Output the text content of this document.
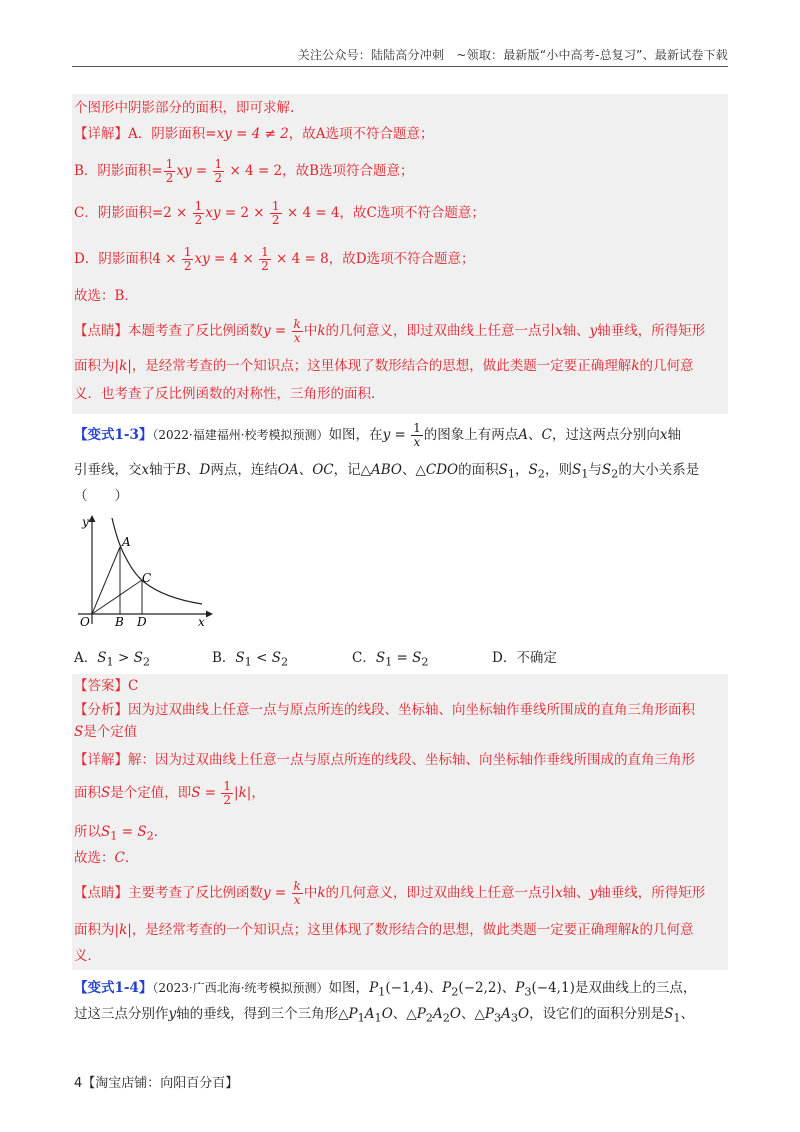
关注公众号：陆陆高分冲刺　~领取：最新版“小中高考-总复习”、最新试卷下载
个图形中阴影部分的面积，即可求解.
【详解】A．阴影面积=xy = 4 ≠ 2，故A选项不符合题意；
B．阴影面积= $\frac{1}{2}$ xy = $\frac{1}{2} \times 4 = 2$，故B选项符合题意；
C．阴影面积$=2 \times \frac{1}{2}$ xy = $2 \times \frac{1}{2} \times 4 = 4$，故C选项不符合题意；
D．阴影面积$4 \times \frac{1}{2}$ xy = $4 \times \frac{1}{2} \times 4 = 8$，故D选项不符合题意；
故选：B．
【点睛】本题考查了反比例函数$y = \frac{k}{x}$ 中k的几何意义，即过双曲线上任意一点引x轴、y轴垂线，所得矩形
面积为|k|，是经常考查的一个知识点；这里体现了数形结合的思想，做此类题一定要正确理解k的几何意
义．也考查了反比例函数的对称性，三角形的面积．
【变式1-3】（2022·福建福州·校考模拟预测）如图，在$y = \frac{1}{x}$ 的图象上有两点A、C，过这两点分别向x轴
引垂线，交x轴于B、D两点，连结OA、OC，记△ABO、△CDO的面积$S_1$，$S_2$，则$S_1$与$S_2$的大小关系是
（　　）
y
x
O
A
B
C
D
A．$S_1 > S_2$	B．$S_1 < S_2$	C．$S_1 = S_2$	D．不确定
【答案】C
【分析】因为过双曲线上任意一点与原点所连的线段、坐标轴、向坐标轴作垂线所围成的直角三角形面积
S是个定值
【详解】解：因为过双曲线上任意一点与原点所连的线段、坐标轴、向坐标轴作垂线所围成的直角三角形
面积S是个定值，即$S = \frac{1}{2} |k|$，
所以$S_1 = S_2$．
故选：C．
【点睛】主要考查了反比例函数$y = \frac{k}{x}$ 中k的几何意义，即过双曲线上任意一点引x轴、y轴垂线，所得矩形
面积为|k|，是经常考查的一个知识点；这里体现了数形结合的思想，做此类题一定要正确理解k的几何意
义．
【变式1-4】（2023·广西北海·统考模拟预测）如图，$P_1(-1,4)$、$P_2(-2,2)$、$P_3(-4,1)$是双曲线上的三点，
过这三点分别作y轴的垂线，得到三个三角形$\triangle P_1A_1O$、$\triangle P_2A_2O$、$\triangle P_3A_3O$，设它们的面积分别是$S_1$、
4【淘宝店铺：向阳百分百】
